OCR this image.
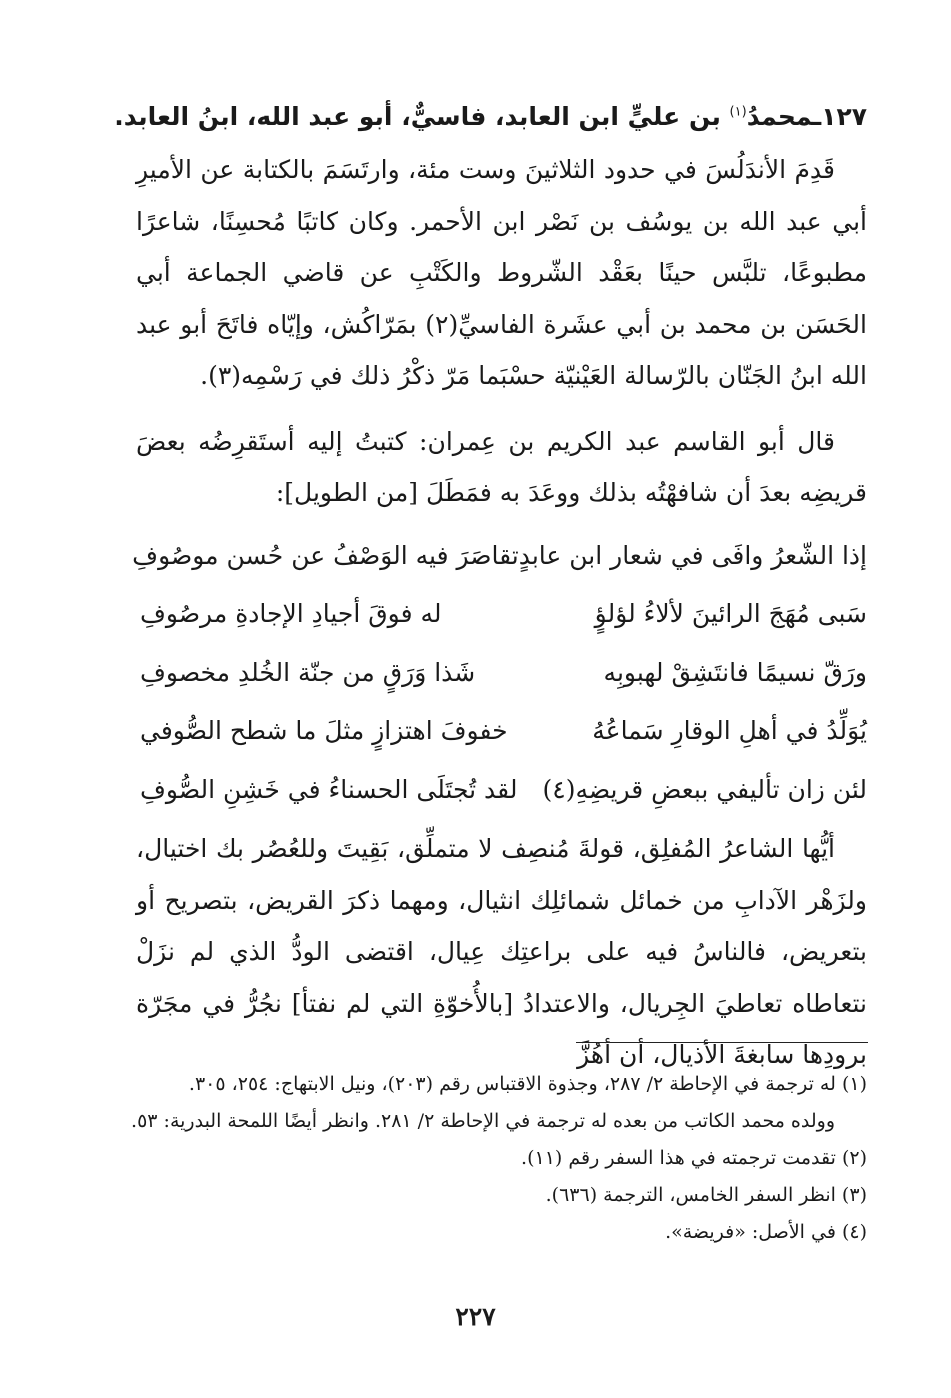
١٢٧ـمحمدُ$^{(١)}$ بن عليٍّ ابن العابد، فاسيٌّ، أبو عبد الله، ابنُ العابد.

قَدِمَ الأندَلُسَ في حدود الثلاثينَ وست مئة، وارتَسَمَ بالكتابة عن الأميرِ أبي عبد الله بن يوسُف بن نَصْر ابن الأحمر. وكان كاتبًا مُحسِنًا، شاعرًا مطبوعًا، تلبَّس حينًا بعَقْد الشّروط والكَتْبِ عن قاضي الجماعة أبي الحَسَن بن محمد بن أبي عشَرة الفاسيِّ(٢) بمَرّاكُش، وإيّاه فاتَحَ أبو عبد الله ابنُ الجَنّان بالرّسالة العَيْنيّة حسْبَما مَرّ ذكْرُ ذلك في رَسْمِه(٣).

قال أبو القاسم عبد الكريم بن عِمران: كتبتُ إليه أستَقرِضُه بعضَ قريضِه بعدَ أن شافهْتُه بذلك ووعَدَ به فمَطَلَ [من الطويل]:

إذا الشّعرُ وافَى في شعار ابن عابدٍ
تقاصَرَ فيه الوَصْفُ عن حُسن موصُوفِ
سَبى مُهَجَ الرائينَ لألاءُ لؤلؤٍ
له فوقَ أجيادِ الإجادةِ مرصُوفِ
ورَقّ نسيمًا فانتَشِقْ لهبوبِه
شَذا وَرَقٍ من جنّة الخُلدِ مخصوفِ
يُوَلِّدُ في أهلِ الوقارِ سَماعُهُ
خفوفَ اهتزازٍ مثلَ ما شطح الصُّوفي
لئن زان تأليفي ببعضِ قريضِهِ(٤)
لقد تُجتَلَى الحسناءُ في خَشِنِ الصُّوفِ

أيُّها الشاعرُ المُفلِق، قولةَ مُنصِف لا متملِّق، بَقِيتَ وللعُصُر بك اختيال، ولزَهْر الآدابِ من خمائل شمائلِك انثيال، ومهما ذكرَ القريض، بتصريح أو بتعريض، فالناسُ فيه على براعتِك عِيال، اقتضى الودُّ الذي لم نزَلْ نتعاطاه تعاطيَ الجِريال، والاعتدادُ [بالأُخوّةِ التي لم نفتأ] نجُرُّ في مجَرّة برودِها سابغةَ الأذيال، أن أهُزَّ

(١) له ترجمة في الإحاطة ٢/ ٢٨٧، وجذوة الاقتباس رقم (٢٠٣)، ونيل الابتهاج: ٢٥٤، ٣٠٥.

وولده محمد الكاتب من بعده له ترجمة في الإحاطة ٢/ ٢٨١. وانظر أيضًا اللمحة البدرية: ٥٣.

(٢) تقدمت ترجمته في هذا السفر رقم (١١).

(٣) انظر السفر الخامس، الترجمة (٦٣٦).

(٤) في الأصل: «فريضة».

٢٢٧
